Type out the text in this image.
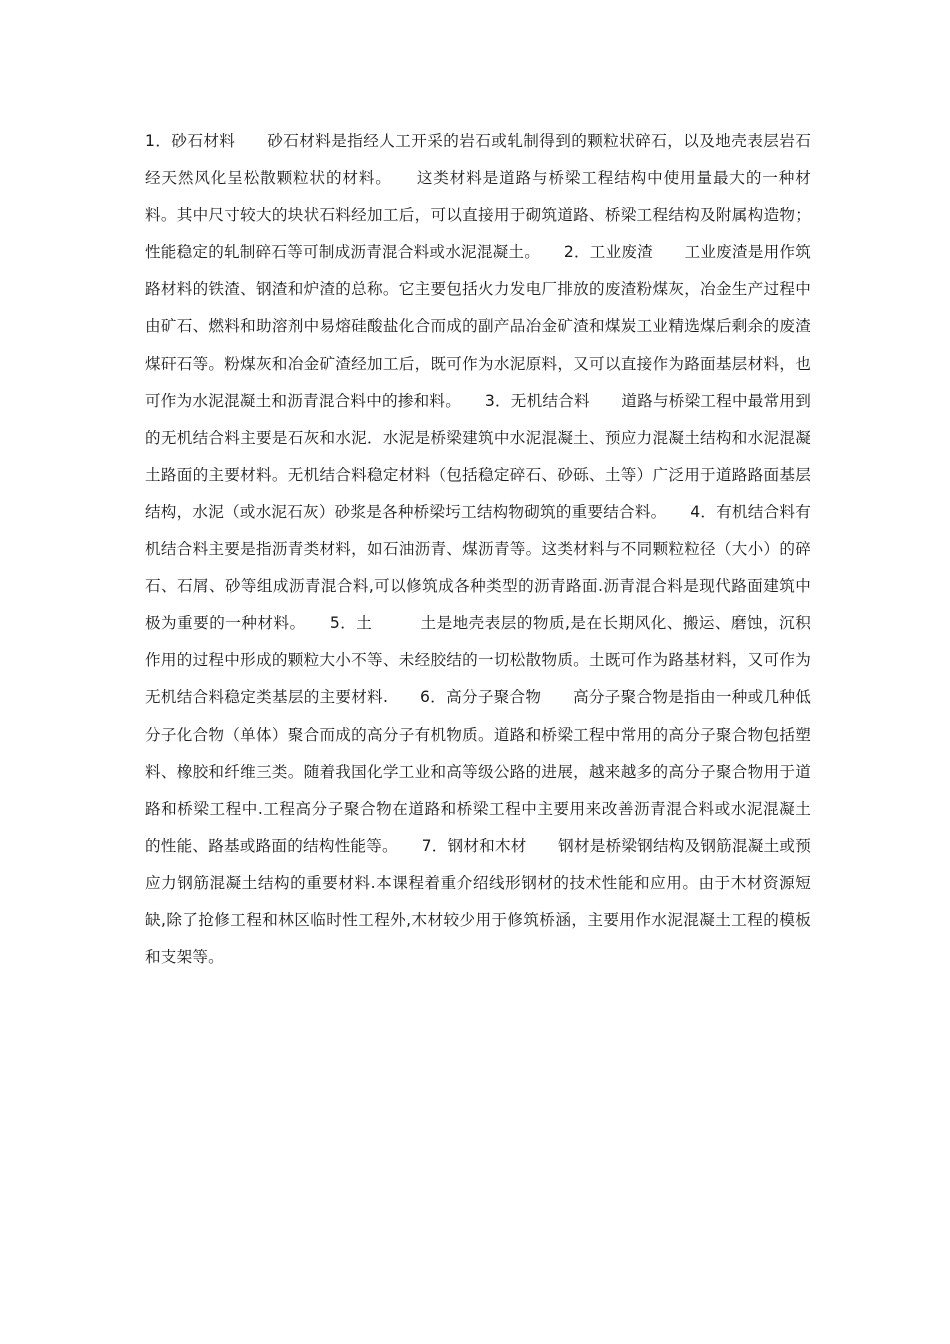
1．砂石材料　　砂石材料是指经人工开采的岩石或轧制得到的颗粒状碎石，以及地壳表层岩石经天然风化呈松散颗粒状的材料。　　这类材料是道路与桥梁工程结构中使用量最大的一种材料。其中尺寸较大的块状石料经加工后，可以直接用于砌筑道路、桥梁工程结构及附属构造物；性能稳定的轧制碎石等可制成沥青混合料或水泥混凝土。　　2．工业废渣　　工业废渣是用作筑路材料的铁渣、钢渣和炉渣的总称。它主要包括火力发电厂排放的废渣粉煤灰，冶金生产过程中由矿石、燃料和助溶剂中易熔硅酸盐化合而成的副产品冶金矿渣和煤炭工业精选煤后剩余的废渣煤矸石等。粉煤灰和冶金矿渣经加工后，既可作为水泥原料，又可以直接作为路面基层材料，也可作为水泥混凝土和沥青混合料中的掺和料。　　3．无机结合料　　道路与桥梁工程中最常用到的无机结合料主要是石灰和水泥．水泥是桥梁建筑中水泥混凝土、预应力混凝土结构和水泥混凝土路面的主要材料。无机结合料稳定材料（包括稳定碎石、砂砾、土等）广泛用于道路路面基层结构，水泥（或水泥石灰）砂浆是各种桥梁圬工结构物砌筑的重要结合料。　　4．有机结合料有机结合料主要是指沥青类材料，如石油沥青、煤沥青等。这类材料与不同颗粒粒径（大小）的碎石、石屑、砂等组成沥青混合料,可以修筑成各种类型的沥青路面.沥青混合料是现代路面建筑中极为重要的一种材料。　　5．土　　　土是地壳表层的物质,是在长期风化、搬运、磨蚀，沉积作用的过程中形成的颗粒大小不等、未经胶结的一切松散物质。土既可作为路基材料，又可作为无机结合料稳定类基层的主要材料.　　6．高分子聚合物　　高分子聚合物是指由一种或几种低分子化合物（单体）聚合而成的高分子有机物质。道路和桥梁工程中常用的高分子聚合物包括塑料、橡胶和纤维三类。随着我国化学工业和高等级公路的进展，越来越多的高分子聚合物用于道路和桥梁工程中.工程高分子聚合物在道路和桥梁工程中主要用来改善沥青混合料或水泥混凝土的性能、路基或路面的结构性能等。　　7．钢材和木材　　钢材是桥梁钢结构及钢筋混凝土或预应力钢筋混凝土结构的重要材料.本课程着重介绍线形钢材的技术性能和应用。由于木材资源短缺,除了抢修工程和林区临时性工程外,木材较少用于修筑桥涵，主要用作水泥混凝土工程的模板和支架等。
